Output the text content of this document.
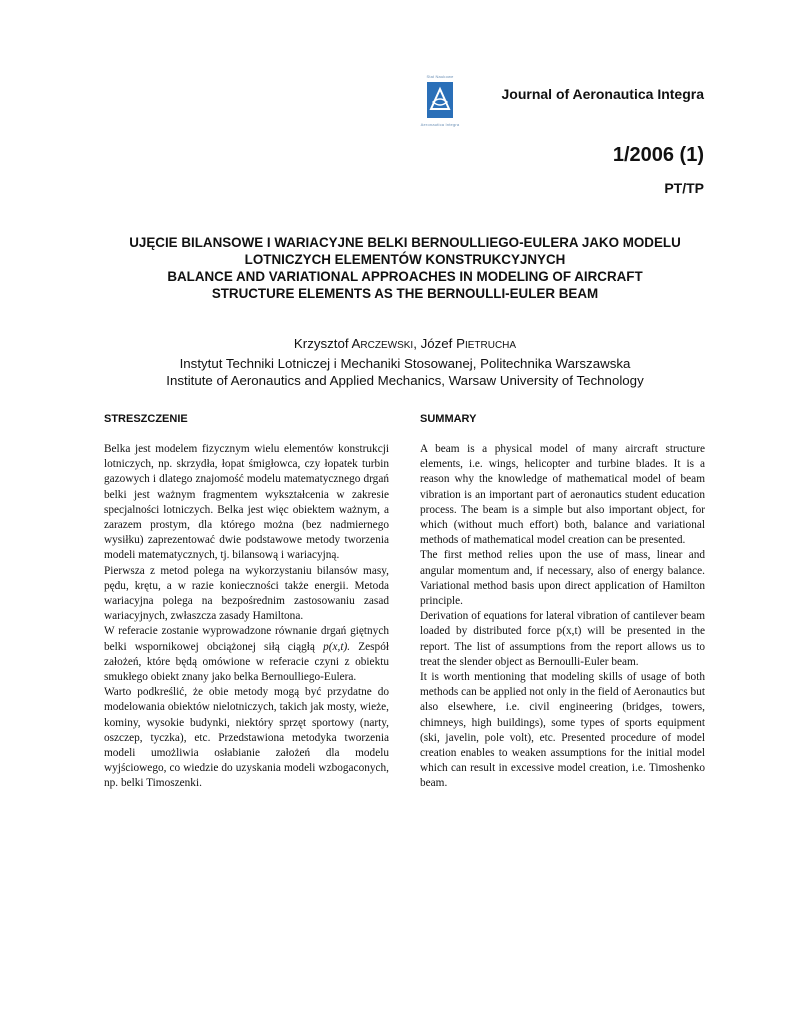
Stał Naukowe
Aeronautica Integra
Journal of Aeronautica Integra
1/2006 (1)
PT/TP
UJĘCIE BILANSOWE I WARIACYJNE BELKI BERNOULLIEGO-EULERA JAKO MODELU
LOTNICZYCH ELEMENTÓW KONSTRUKCYJNYCH
BALANCE AND VARIATIONAL APPROACHES IN MODELING OF AIRCRAFT
STRUCTURE ELEMENTS AS THE BERNOULLI-EULER BEAM
Krzysztof ARCZEWSKI, Józef PIETRUCHA
Instytut Techniki Lotniczej i Mechaniki Stosowanej, Politechnika Warszawska
Institute of Aeronautics and Applied Mechanics, Warsaw University of Technology
STRESZCZENIE

Belka jest modelem fizycznym wielu elementów konstrukcji lotniczych, np. skrzydła, łopat śmigłowca, czy łopatek turbin gazowych i dlatego znajomość modelu matematycznego drgań belki jest ważnym fragmentem wykształcenia w zakresie specjalności lotniczych. Belka jest więc obiektem ważnym, a zarazem prostym, dla którego można (bez nadmiernego wysiłku) zaprezentować dwie podstawowe metody tworzenia modeli matematycznych, tj. bilansową i wariacyjną.

Pierwsza z metod polega na wykorzystaniu bilansów masy, pędu, krętu, a w razie konieczności także energii. Metoda wariacyjna polega na bezpośrednim zastosowaniu zasad wariacyjnych, zwłaszcza zasady Hamiltona.

W referacie zostanie wyprowadzone równanie drgań giętnych belki wspornikowej obciążonej siłą ciągłą p(x,t). Zespół założeń, które będą omówione w referacie czyni z obiektu smukłego obiekt znany jako belka Bernoulliego-Eulera.

Warto podkreślić, że obie metody mogą być przydatne do modelowania obiektów nielotniczych, takich jak mosty, wieże, kominy, wysokie budynki, niektóry sprzęt sportowy (narty, oszczep, tyczka), etc. Przedstawiona metodyka tworzenia modeli umożliwia osłabianie założeń dla modelu wyjściowego, co wiedzie do uzyskania modeli wzbogaconych, np. belki Timoszenki.

SUMMARY

A beam is a physical model of many aircraft structure elements, i.e. wings, helicopter and turbine blades. It is a reason why the knowledge of mathematical model of beam vibration is an important part of aeronautics student education process. The beam is a simple but also important object, for which (without much effort) both, balance and variational methods of mathematical model creation can be presented.

The first method relies upon the use of mass, linear and angular momentum and, if necessary, also of energy balance. Variational method basis upon direct application of Hamilton principle.

Derivation of equations for lateral vibration of cantilever beam loaded by distributed force p(x,t) will be presented in the report. The list of assumptions from the report allows us to treat the slender object as Bernoulli-Euler beam.

It is worth mentioning that modeling skills of usage of both methods can be applied not only in the field of Aeronautics but also elsewhere, i.e. civil engineering (bridges, towers, chimneys, high buildings), some types of sports equipment (ski, javelin, pole volt), etc. Presented procedure of model creation enables to weaken assumptions for the initial model which can result in excessive model creation, i.e. Timoshenko beam.
